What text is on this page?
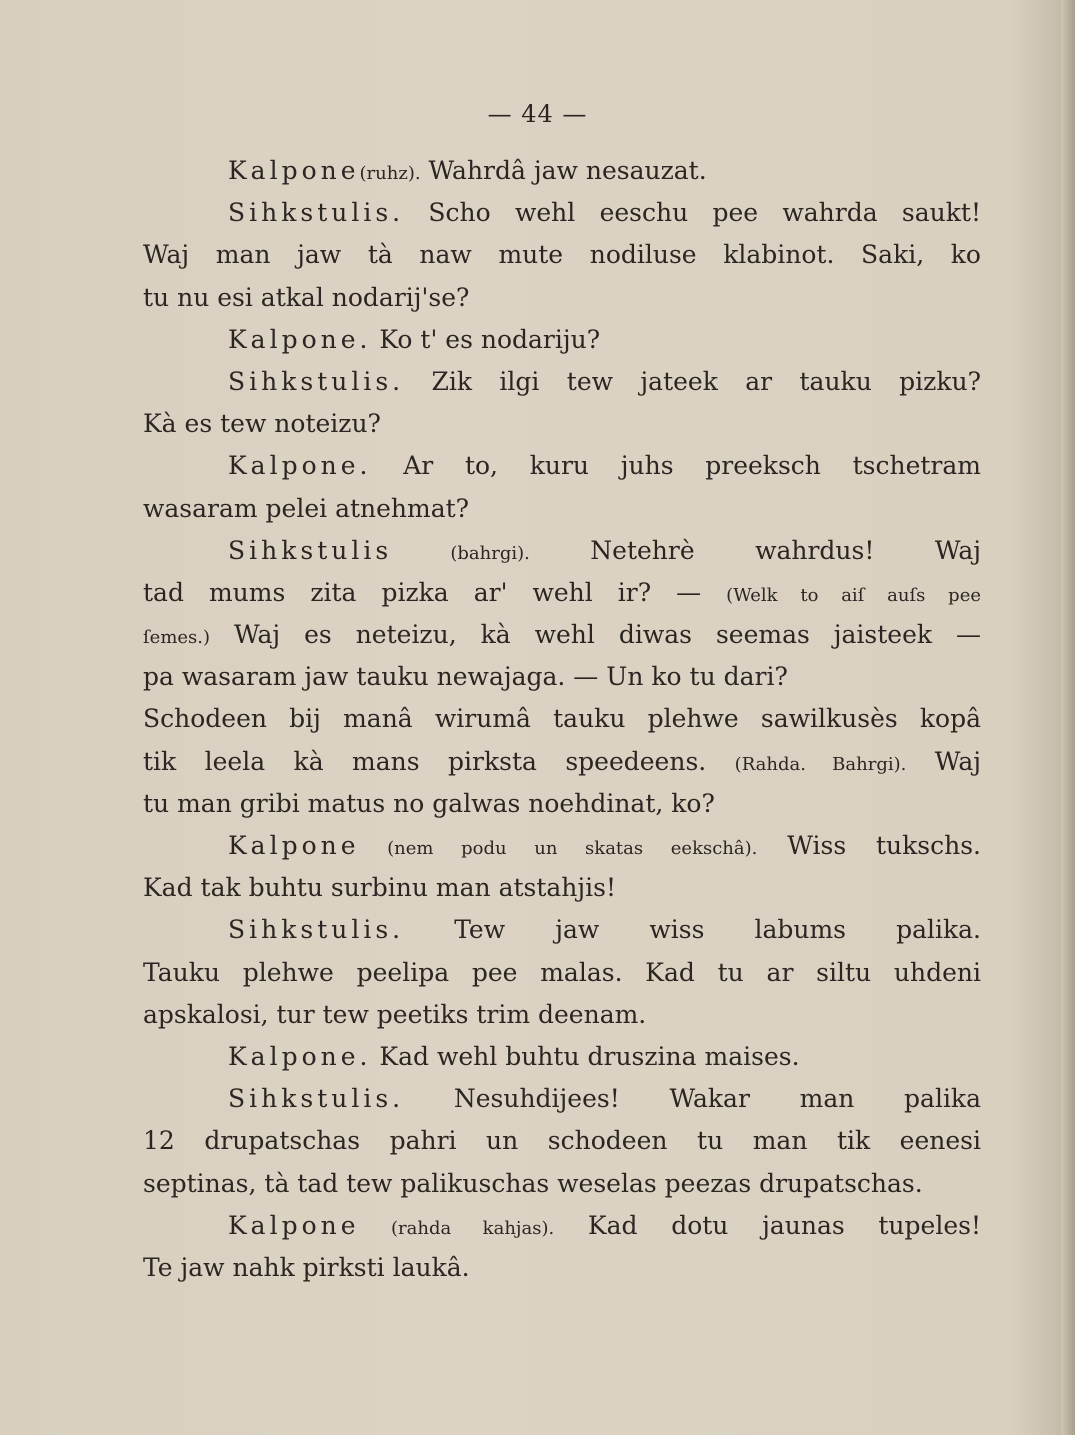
— 44 —
Kalpone(ruhz). Wahrdâ jaw nesauzat.
Sihkstulis. Scho wehl eeschu pee wahrda saukt!
Waj man jaw tà naw mute nodiluse klabinot. Saki, ko
tu nu esi atkal nodarij'se?
Kalpone. Ko t' es nodariju?
Sihkstulis. Zik ilgi tew jateek ar tauku pizku?
Kà es tew noteizu?
Kalpone. Ar to, kuru juhs preeksch tschetram
wasaram pelei atnehmat?
Sihkstulis (bahrgi). Netehrè wahrdus! Waj
tad mums zita pizka ar' wehl ir? — (Welk to aiſ auſs pee
ſemes.) Waj es neteizu, kà wehl diwas seemas jaisteek —
pa wasaram jaw tauku newajaga. — Un ko tu dari?
Schodeen bij manâ wirumâ tauku plehwe sawilkusès kopâ
tik leela kà mans pirksta speedeens. (Rahda. Bahrgi). Waj
tu man gribi matus no galwas noehdinat, ko?
Kalpone (nem podu un skatas eekschâ). Wiss tukschs.
Kad tak buhtu surbinu man atstahjis!
Sihkstulis. Tew jaw wiss labums palika.
Tauku plehwe peelipa pee malas. Kad tu ar siltu uhdeni
apskalosi, tur tew peetiks trim deenam.
Kalpone. Kad wehl buhtu druszina maises.
Sihkstulis. Nesuhdijees! Wakar man palika
12 drupatschas pahri un schodeen tu man tik eenesi
septinas, tà tad tew palikuschas weselas peezas drupatschas.
Kalpone (rahda kahjas). Kad dotu jaunas tupeles!
Te jaw nahk pirksti laukâ.
